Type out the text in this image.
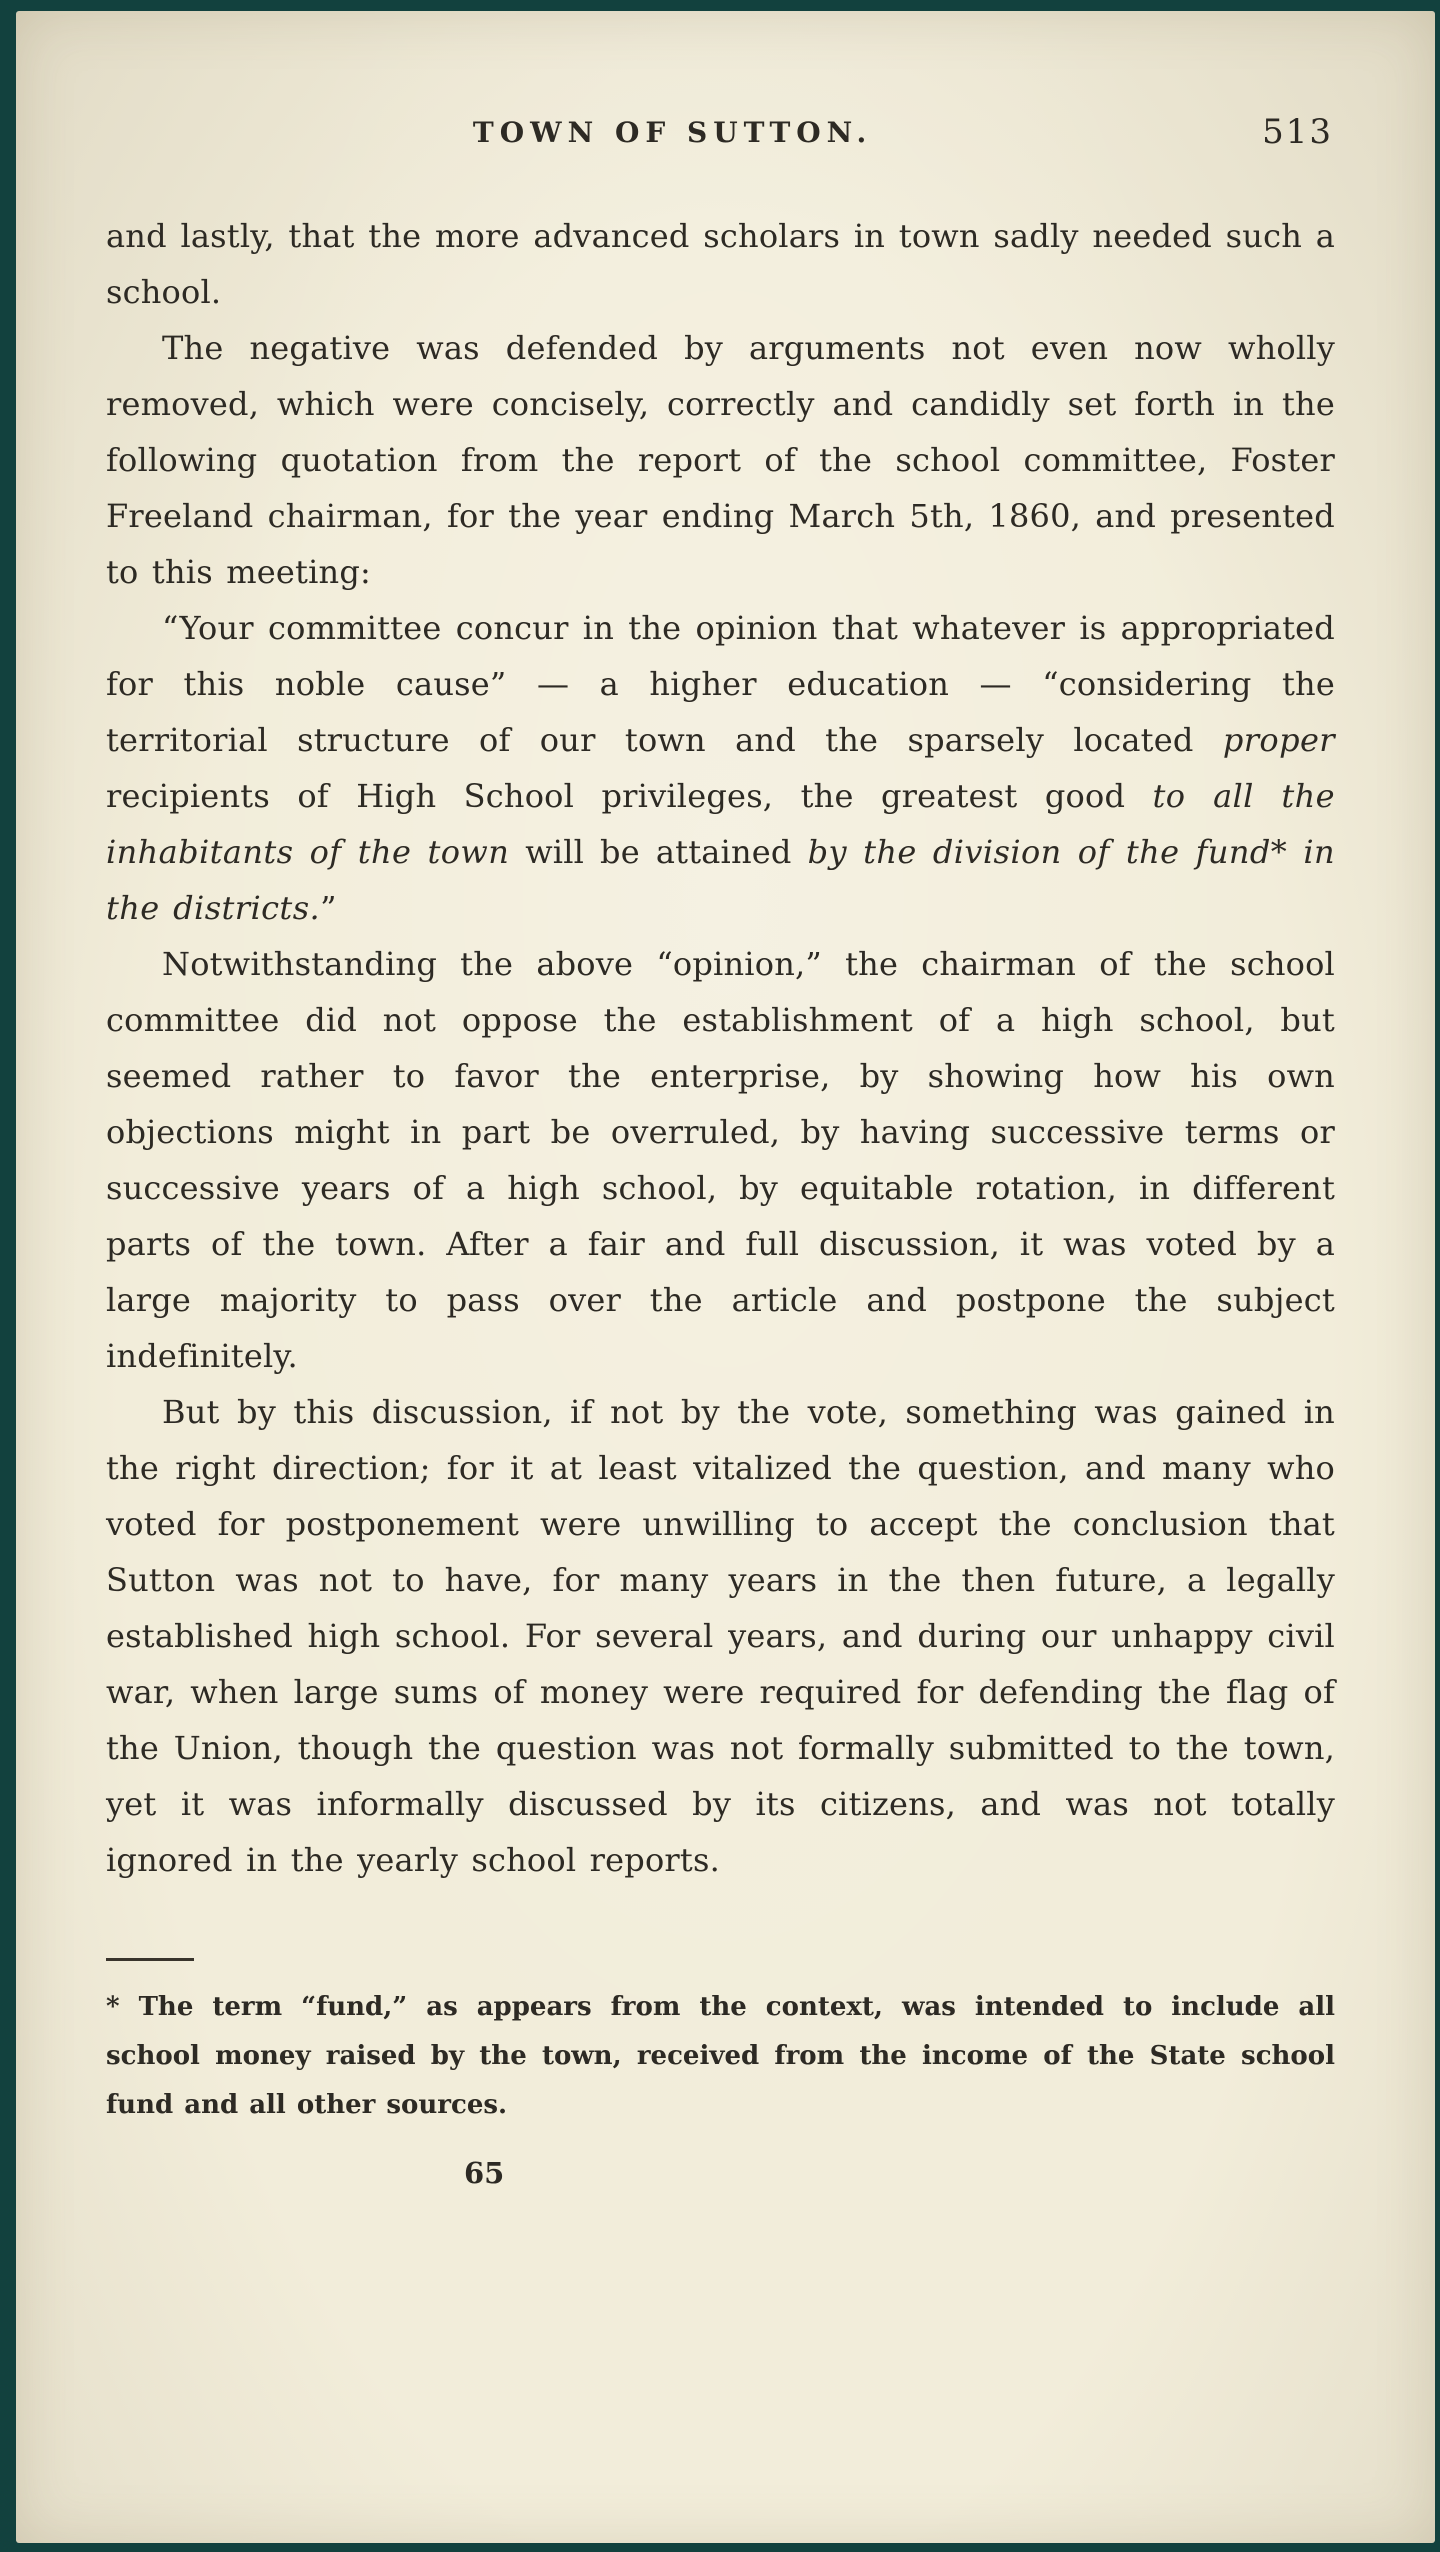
TOWN OF SUTTON.	513

and lastly, that the more advanced scholars in town sadly needed such a school.

The negative was defended by arguments not even now wholly removed, which were concisely, correctly and candidly set forth in the following quotation from the report of the school committee, Foster Freeland chairman, for the year ending March 5th, 1860, and presented to this meeting:

“Your committee concur in the opinion that whatever is appropriated for this noble cause” — a higher education — “considering the territorial structure of our town and the sparsely located proper recipients of High School privileges, the greatest good to all the inhabitants of the town will be attained by the division of the fund* in the districts.”

Notwithstanding the above “opinion,” the chairman of the school committee did not oppose the establishment of a high school, but seemed rather to favor the enterprise, by showing how his own objections might in part be overruled, by having successive terms or successive years of a high school, by equitable rotation, in different parts of the town. After a fair and full discussion, it was voted by a large majority to pass over the article and postpone the subject indefinitely.

But by this discussion, if not by the vote, something was gained in the right direction; for it at least vitalized the question, and many who voted for postponement were unwilling to accept the conclusion that Sutton was not to have, for many years in the then future, a legally established high school. For several years, and during our unhappy civil war, when large sums of money were required for defending the flag of the Union, though the question was not formally submitted to the town, yet it was informally discussed by its citizens, and was not totally ignored in the yearly school reports.

* The term “fund,” as appears from the context, was intended to include all school money raised by the town, received from the income of the State school fund and all other sources.

65
